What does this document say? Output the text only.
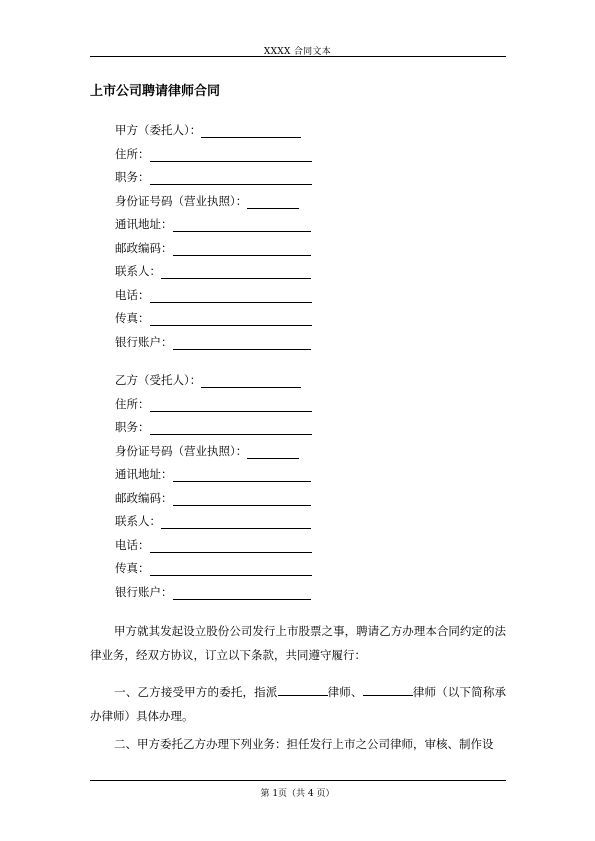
XXXX 合同文本
上市公司聘请律师合同
甲方（委托人）：
住所：
职务：
身份证号码（营业执照）：
通讯地址：
邮政编码：
联系人：
电话：
传真：
银行账户：
乙方（受托人）：
住所：
职务：
身份证号码（营业执照）：
通讯地址：
邮政编码：
联系人：
电话：
传真：
银行账户：
甲方就其发起设立股份公司发行上市股票之事，聘请乙方办理本合同约定的法律业务，经双方协议，订立以下条款，共同遵守履行：
一、乙方接受甲方的委托，指派	律师、	律师（以下简称承办律师）具体办理。
二、甲方委托乙方办理下列业务：担任发行上市之公司律师，审核、制作设
第 1页（共 4 页）
